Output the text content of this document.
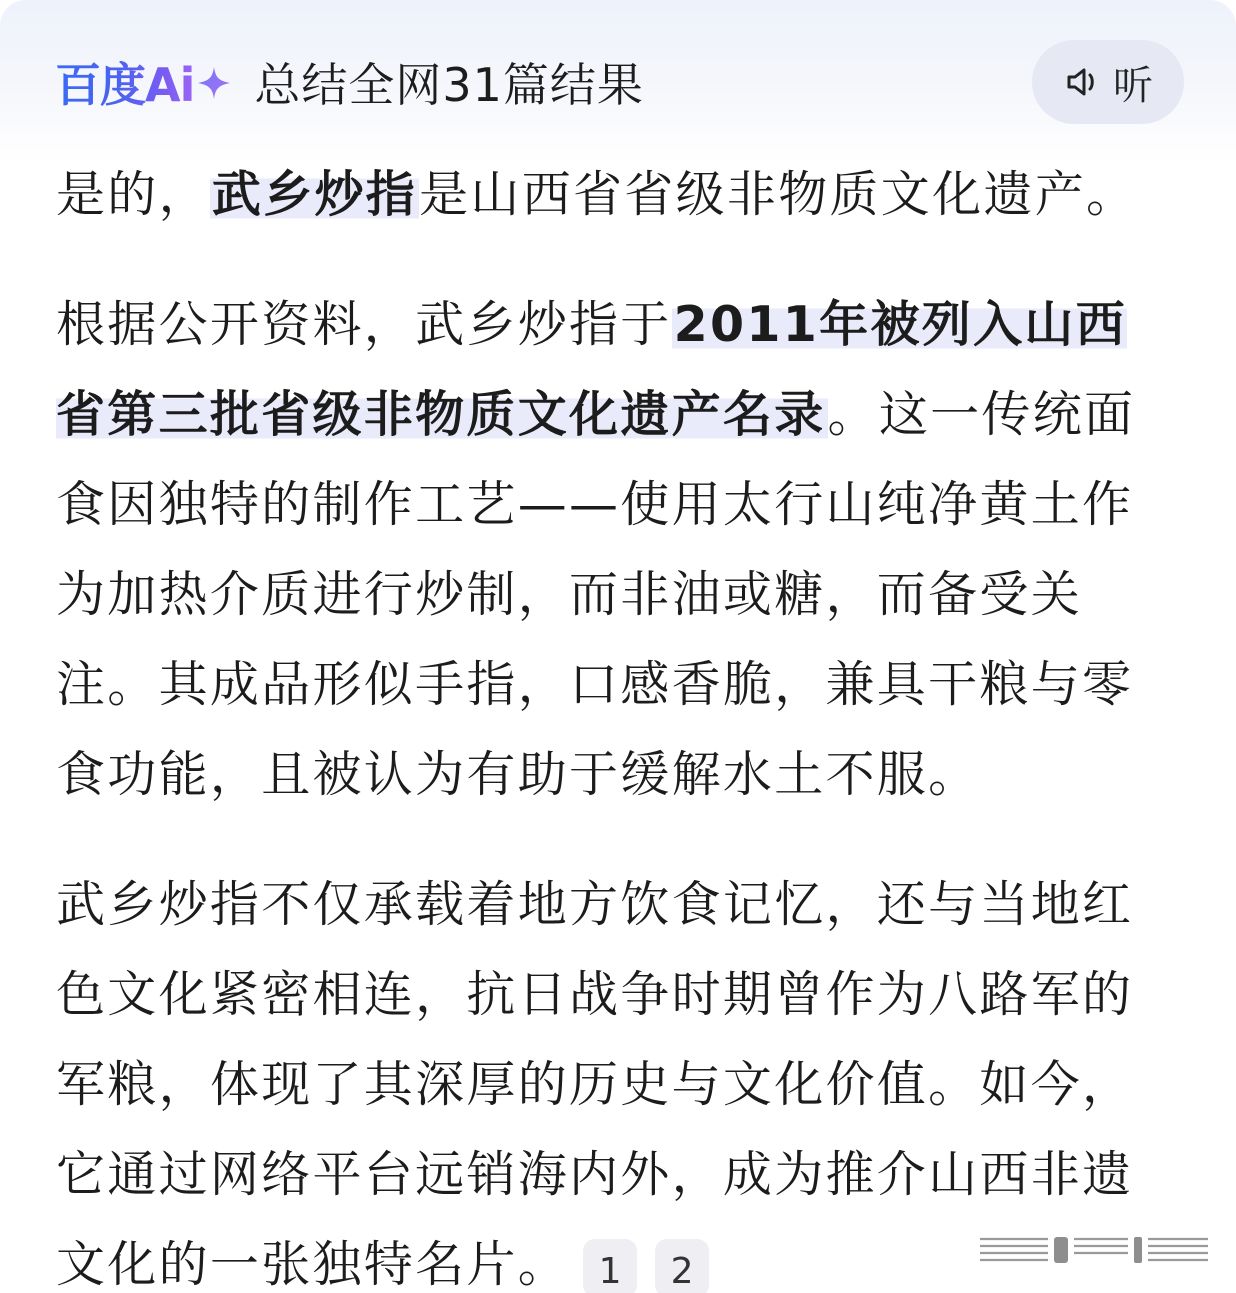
百度Ai 总结全网31篇结果	听

是的，武乡炒指是山西省省级非物质文化遗产。

根据公开资料，武乡炒指于2011年被列入山西省第三批省级非物质文化遗产名录。这一传统面食因独特的制作工艺——使用太行山纯净黄土作为加热介质进行炒制，而非油或糖，而备受关注。其成品形似手指，口感香脆，兼具干粮与零食功能，且被认为有助于缓解水土不服。

武乡炒指不仅承载着地方饮食记忆，还与当地红色文化紧密相连，抗日战争时期曾作为八路军的军粮，体现了其深厚的历史与文化价值。如今，它通过网络平台远销海内外，成为推介山西非遗文化的一张独特名片。 1 2
